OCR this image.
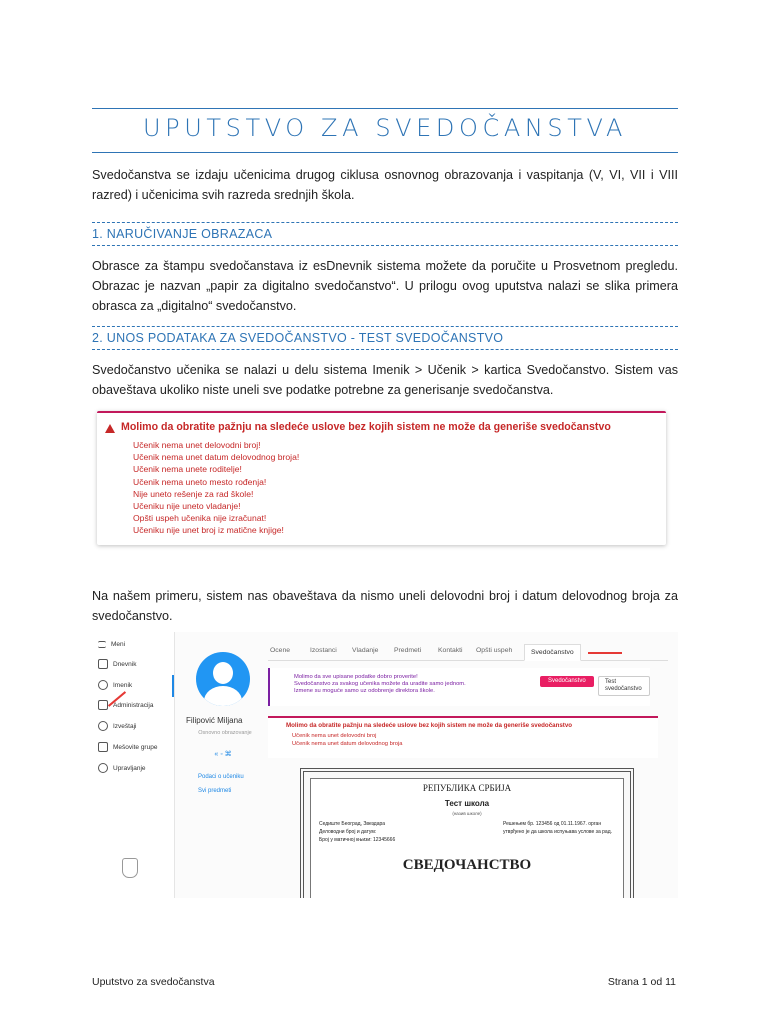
UPUTSTVO ZA SVEDOČANSTVA
Svedočanstva se izdaju učenicima drugog ciklusa osnovnog obrazovanja i vaspitanja (V, VI, VII i VIII razred) i učenicima svih razreda srednjih škola.
1. NARUČIVANJE OBRAZACA
Obrasce za štampu svedočanstava iz esDnevnik sistema možete da poručite u Prosvetnom pregledu. Obrazac je nazvan „papir za digitalno svedočanstvo“. U prilogu ovog uputstva nalazi se slika primera obrasca za „digitalno“ svedočanstvo.
2. UNOS PODATAKA ZA SVEDOČANSTVO - TEST SVEDOČANSTVO
Svedočanstvo učenika se nalazi u delu sistema Imenik > Učenik > kartica Svedočanstvo. Sistem vas obaveštava ukoliko niste uneli sve podatke potrebne za generisanje svedočanstva.
Molimo da obratite pažnju na sledeće uslove bez kojih sistem ne može da generiše svedočanstvo
Učenik nema unet delovodni broj!
Učenik nema unet datum delovodnog broja!
Učenik nema unete roditelje!
Učenik nema uneto mesto rođenja!
Nije uneto rešenje za rad škole!
Učeniku nije uneto vladanje!
Opšti uspeh učenika nije izračunat!
Učeniku nije unet broj iz matične knjige!
Na našem primeru, sistem nas obaveštava da nismo uneli delovodni broj i datum delovodnog broja za svedočanstvo.
Meni
Dnevnik
Imenik
Administracija
Izveštaji
Mešovite grupe
Upravljanje
Filipović Miljana
Osnovno obrazovanje
« ◦ ⌘
Podaci o učeniku
Svi predmeti
Ocene	Izostanci Vladanje Predmeti Kontakti Opšti uspeh	Svedočanstvo
Molimo da sve upisane podatke dobro proverite!
Svedočanstvo za svakog učenika možete da uradite samo jednom.
Izmene su moguće samo uz odobrenje direktora škole.
Svedočanstvo	Test svedočanstvo
Molimo da obratite pažnju na sledeće uslove bez kojih sistem ne može da generiše svedočanstvo
Učenik nema unet delovodni broj
Učenik nema unet datum delovodnog broja
РЕПУБЛИКА СРБИЈА
Тест школа
(назив школе)
Седиште Београд, Звездара	Решењем бр. 123456 од 01.11.1967. орган
Деловодни број и датум:	утврђено је да школа испуњава услове за рад.
Број у матичној књизи: 12345666
СВЕДОЧАНСТВО
Uputstvo za svedočanstva	Strana 1 od 11
